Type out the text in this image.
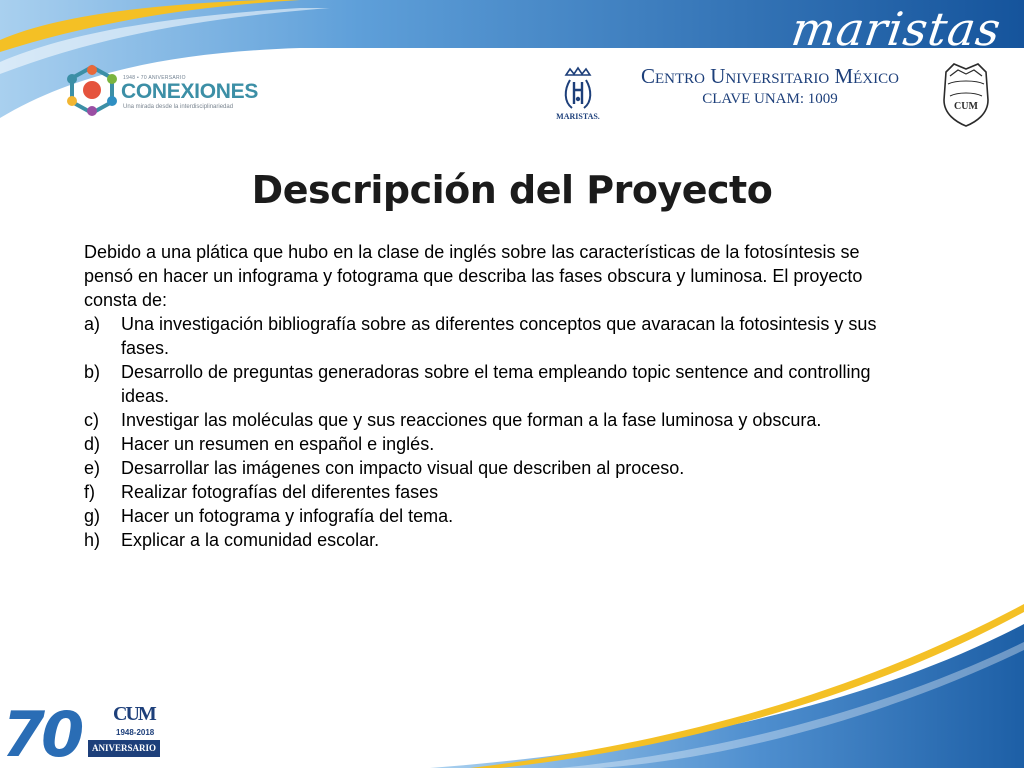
maristas
1948 • 70 ANIVERSARIO
CONEXIONES
Una mirada desde la interdisciplinariedad
MARISTAS.
Centro Universitario México
CLAVE UNAM: 1009	CUM
Descripción del Proyecto

Debido a una plática que hubo en la clase de inglés sobre las características de la fotosíntesis se pensó en hacer un infograma y fotograma que describa las fases obscura y luminosa. El proyecto consta de:

a) Una investigación bibliografía sobre as diferentes conceptos que avaracan la fotosintesis y sus fases.
b) Desarrollo de preguntas generadoras sobre el tema empleando topic sentence and controlling ideas.
c) Investigar las moléculas que y sus reacciones que forman a la fase luminosa y obscura.
d) Hacer un resumen en español e inglés.
e) Desarrollar las imágenes con impacto visual que describen al proceso.
f) Realizar fotografías del diferentes fases
g) Hacer un fotograma y infografía del tema.
h) Explicar a la comunidad escolar.
70 CUM
1948-2018
ANIVERSARIO
